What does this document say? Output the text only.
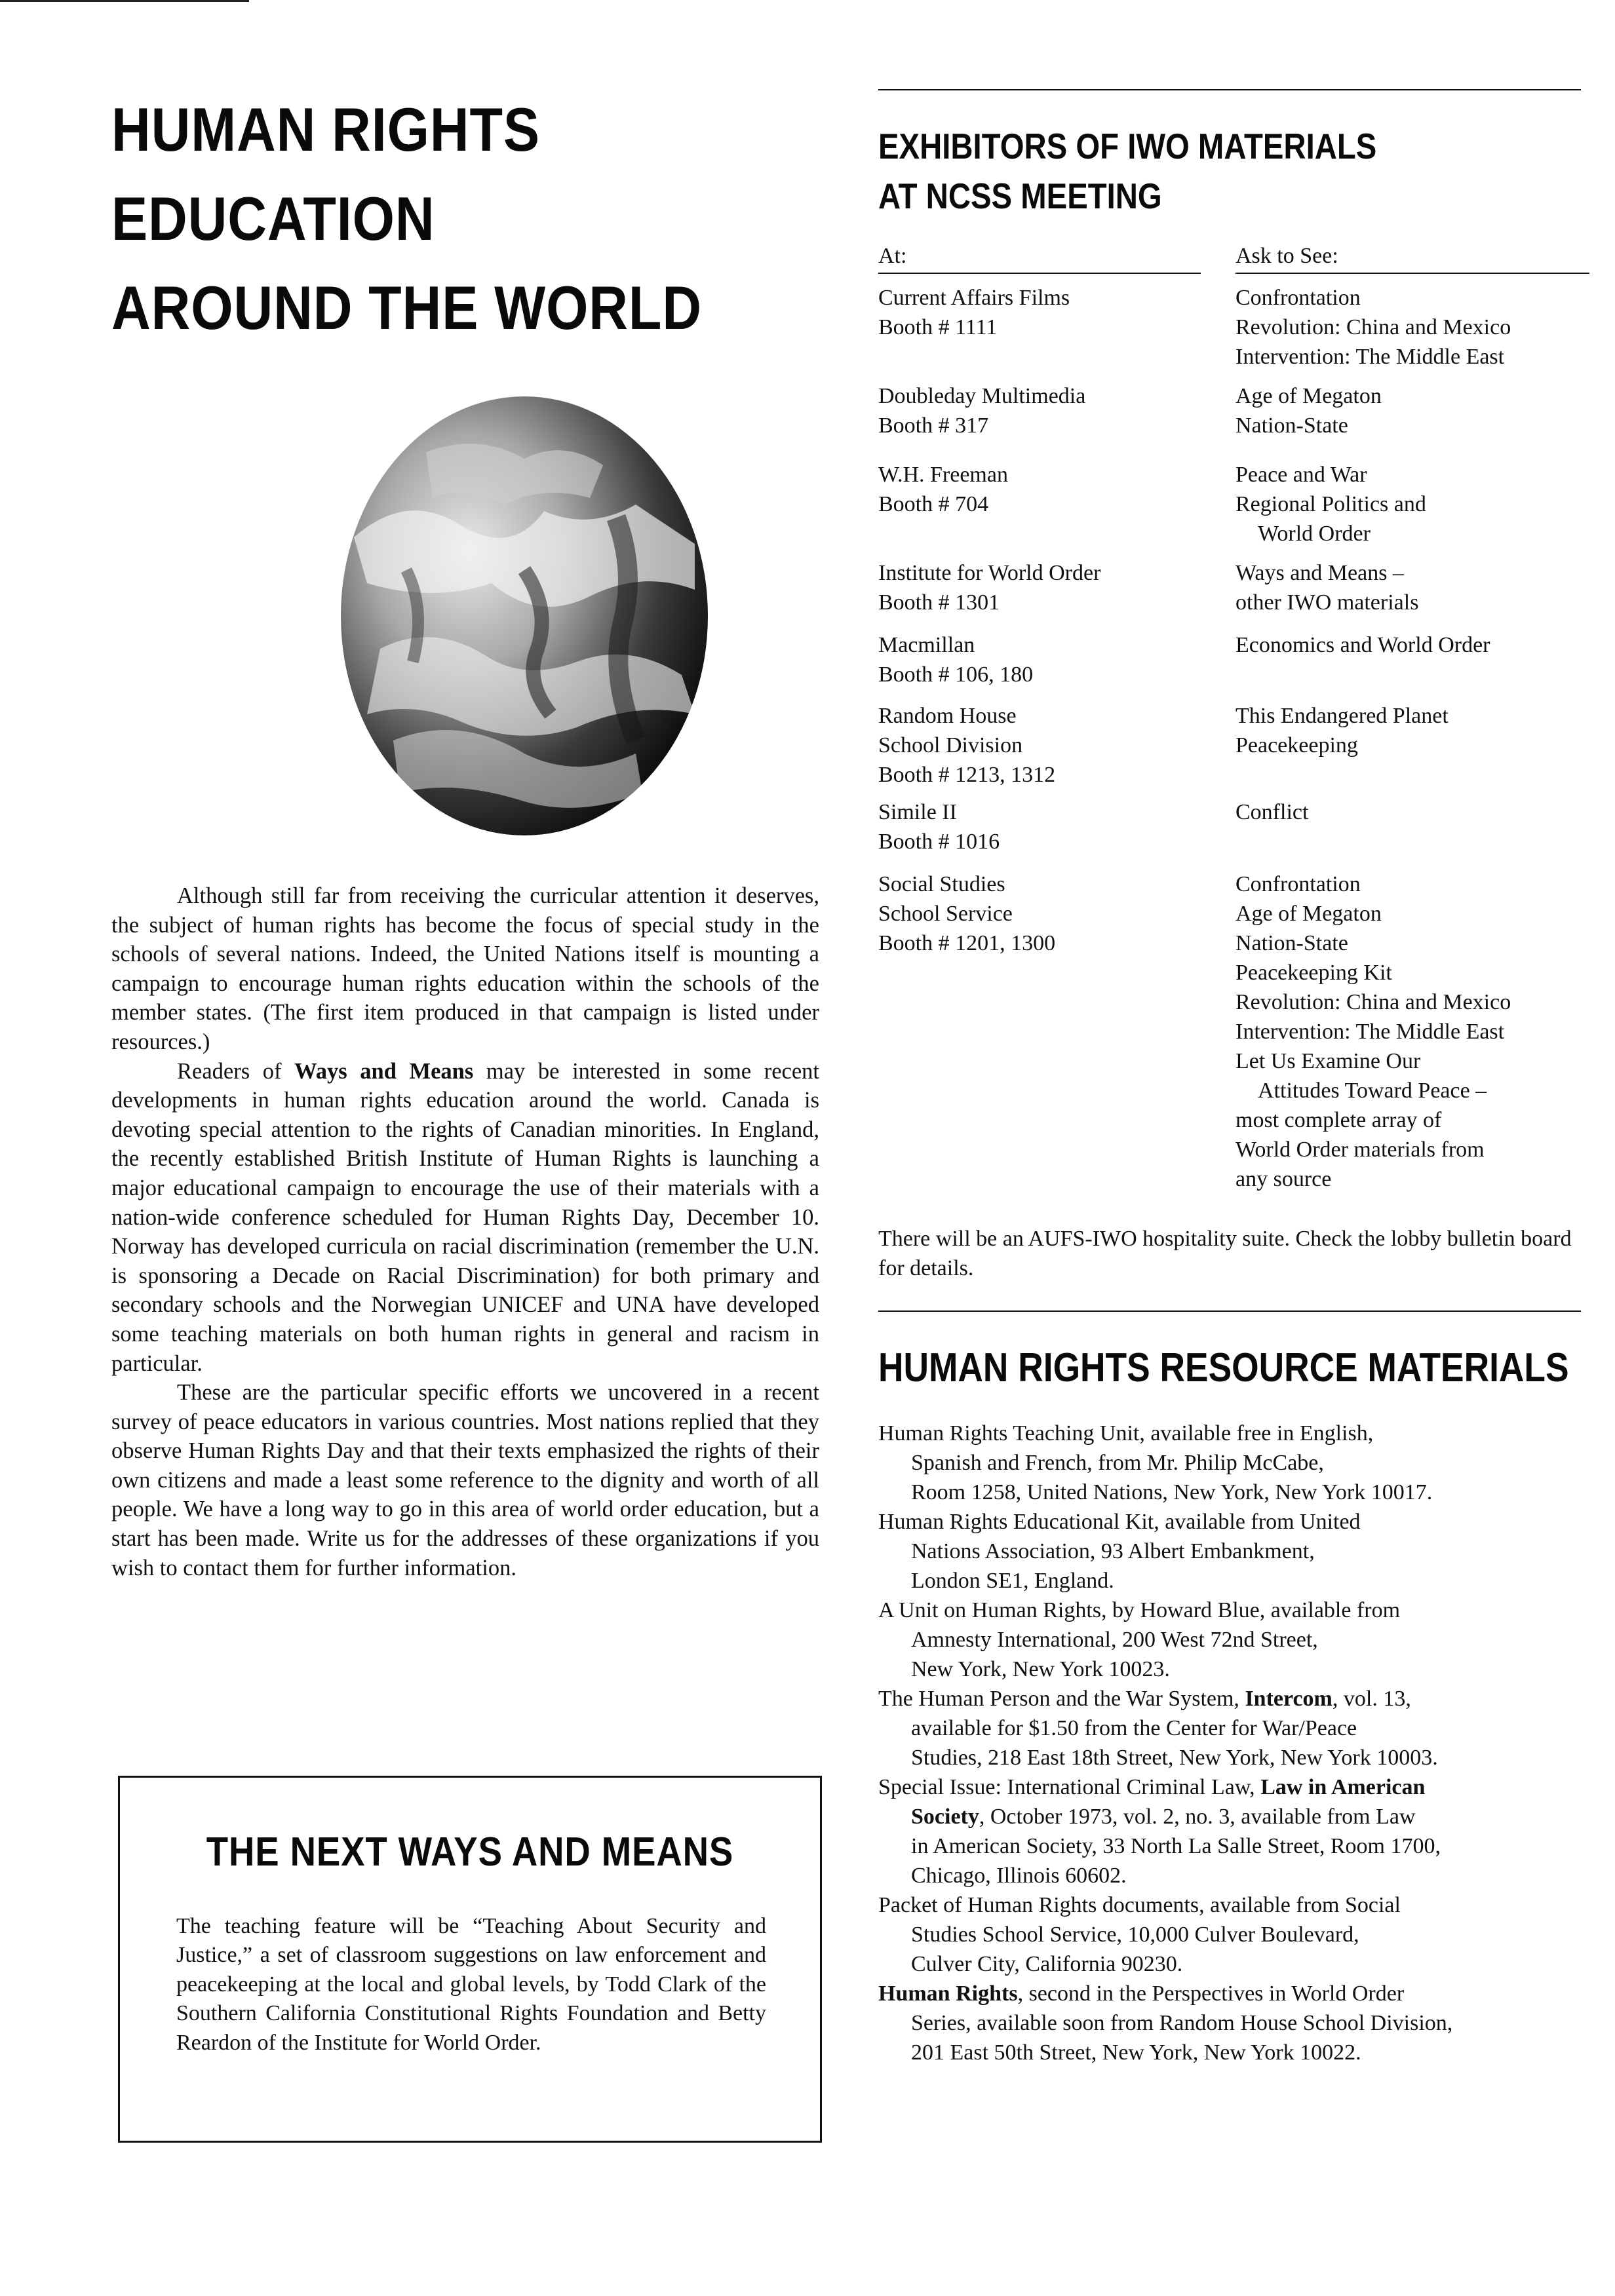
HUMAN RIGHTS
EDUCATION
AROUND THE WORLD

Although still far from receiving the curricular attention it deserves, the subject of human rights has become the focus of special study in the schools of several nations. Indeed, the United Nations itself is mounting a campaign to encourage human rights education within the schools of the member states. (The first item produced in that campaign is listed under resources.)

Readers of Ways and Means may be interested in some recent developments in human rights education around the world. Canada is devoting special attention to the rights of Canadian minorities. In England, the recently established British Institute of Human Rights is launching a major educational campaign to encourage the use of their materials with a nation-wide conference scheduled for Human Rights Day, December 10. Norway has developed curricula on racial discrimination (remember the U.N. is sponsoring a Decade on Racial Discrimination) for both primary and secondary schools and the Norwegian UNICEF and UNA have developed some teaching materials on both human rights in general and racism in particular.

These are the particular specific efforts we uncovered in a recent survey of peace educators in various countries. Most nations replied that they observe Human Rights Day and that their texts emphasized the rights of their own citizens and made a least some reference to the dignity and worth of all people. We have a long way to go in this area of world order education, but a start has been made. Write us for the addresses of these organizations if you wish to contact them for further information.

THE NEXT WAYS AND MEANS
The teaching feature will be “Teaching About Security and Justice,” a set of classroom suggestions on law enforcement and peacekeeping at the local and global levels, by Todd Clark of the Southern California Constitutional Rights Foundation and Betty Reardon of the Institute for World Order.
EXHIBITORS OF IWO MATERIALS
AT NCSS MEETING
At:	Ask to See:
Current Affairs Films
Booth # 1111
Confrontation
Revolution: China and Mexico
Intervention: The Middle East
Doubleday Multimedia
Booth # 317
Age of Megaton
Nation-State
W.H. Freeman
Booth # 704
Peace and War
Regional Politics and
World Order
Institute for World Order
Booth # 1301
Ways and Means –
other IWO materials
Macmillan
Booth # 106, 180
Economics and World Order
Random House
School Division
Booth # 1213, 1312
This Endangered Planet
Peacekeeping
Simile II
Booth # 1016
Conflict
Social Studies
School Service
Booth # 1201, 1300
Confrontation
Age of Megaton
Nation-State
Peacekeeping Kit
Revolution: China and Mexico
Intervention: The Middle East
Let Us Examine Our
Attitudes Toward Peace –
most complete array of
World Order materials from
any source
There will be an AUFS-IWO hospitality suite. Check the lobby bulletin board for details.
HUMAN RIGHTS RESOURCE MATERIALS
Human Rights Teaching Unit, available free in English,
Spanish and French, from Mr. Philip McCabe,
Room 1258, United Nations, New York, New York 10017.
Human Rights Educational Kit, available from United
Nations Association, 93 Albert Embankment,
London SE1, England.
A Unit on Human Rights, by Howard Blue, available from
Amnesty International, 200 West 72nd Street,
New York, New York 10023.
The Human Person and the War System, Intercom, vol. 13,
available for $1.50 from the Center for War/Peace
Studies, 218 East 18th Street, New York, New York 10003.
Special Issue: International Criminal Law, Law in American
Society, October 1973, vol. 2, no. 3, available from Law
in American Society, 33 North La Salle Street, Room 1700,
Chicago, Illinois 60602.
Packet of Human Rights documents, available from Social
Studies School Service, 10,000 Culver Boulevard,
Culver City, California 90230.
Human Rights, second in the Perspectives in World Order
Series, available soon from Random House School Division,
201 East 50th Street, New York, New York 10022.
